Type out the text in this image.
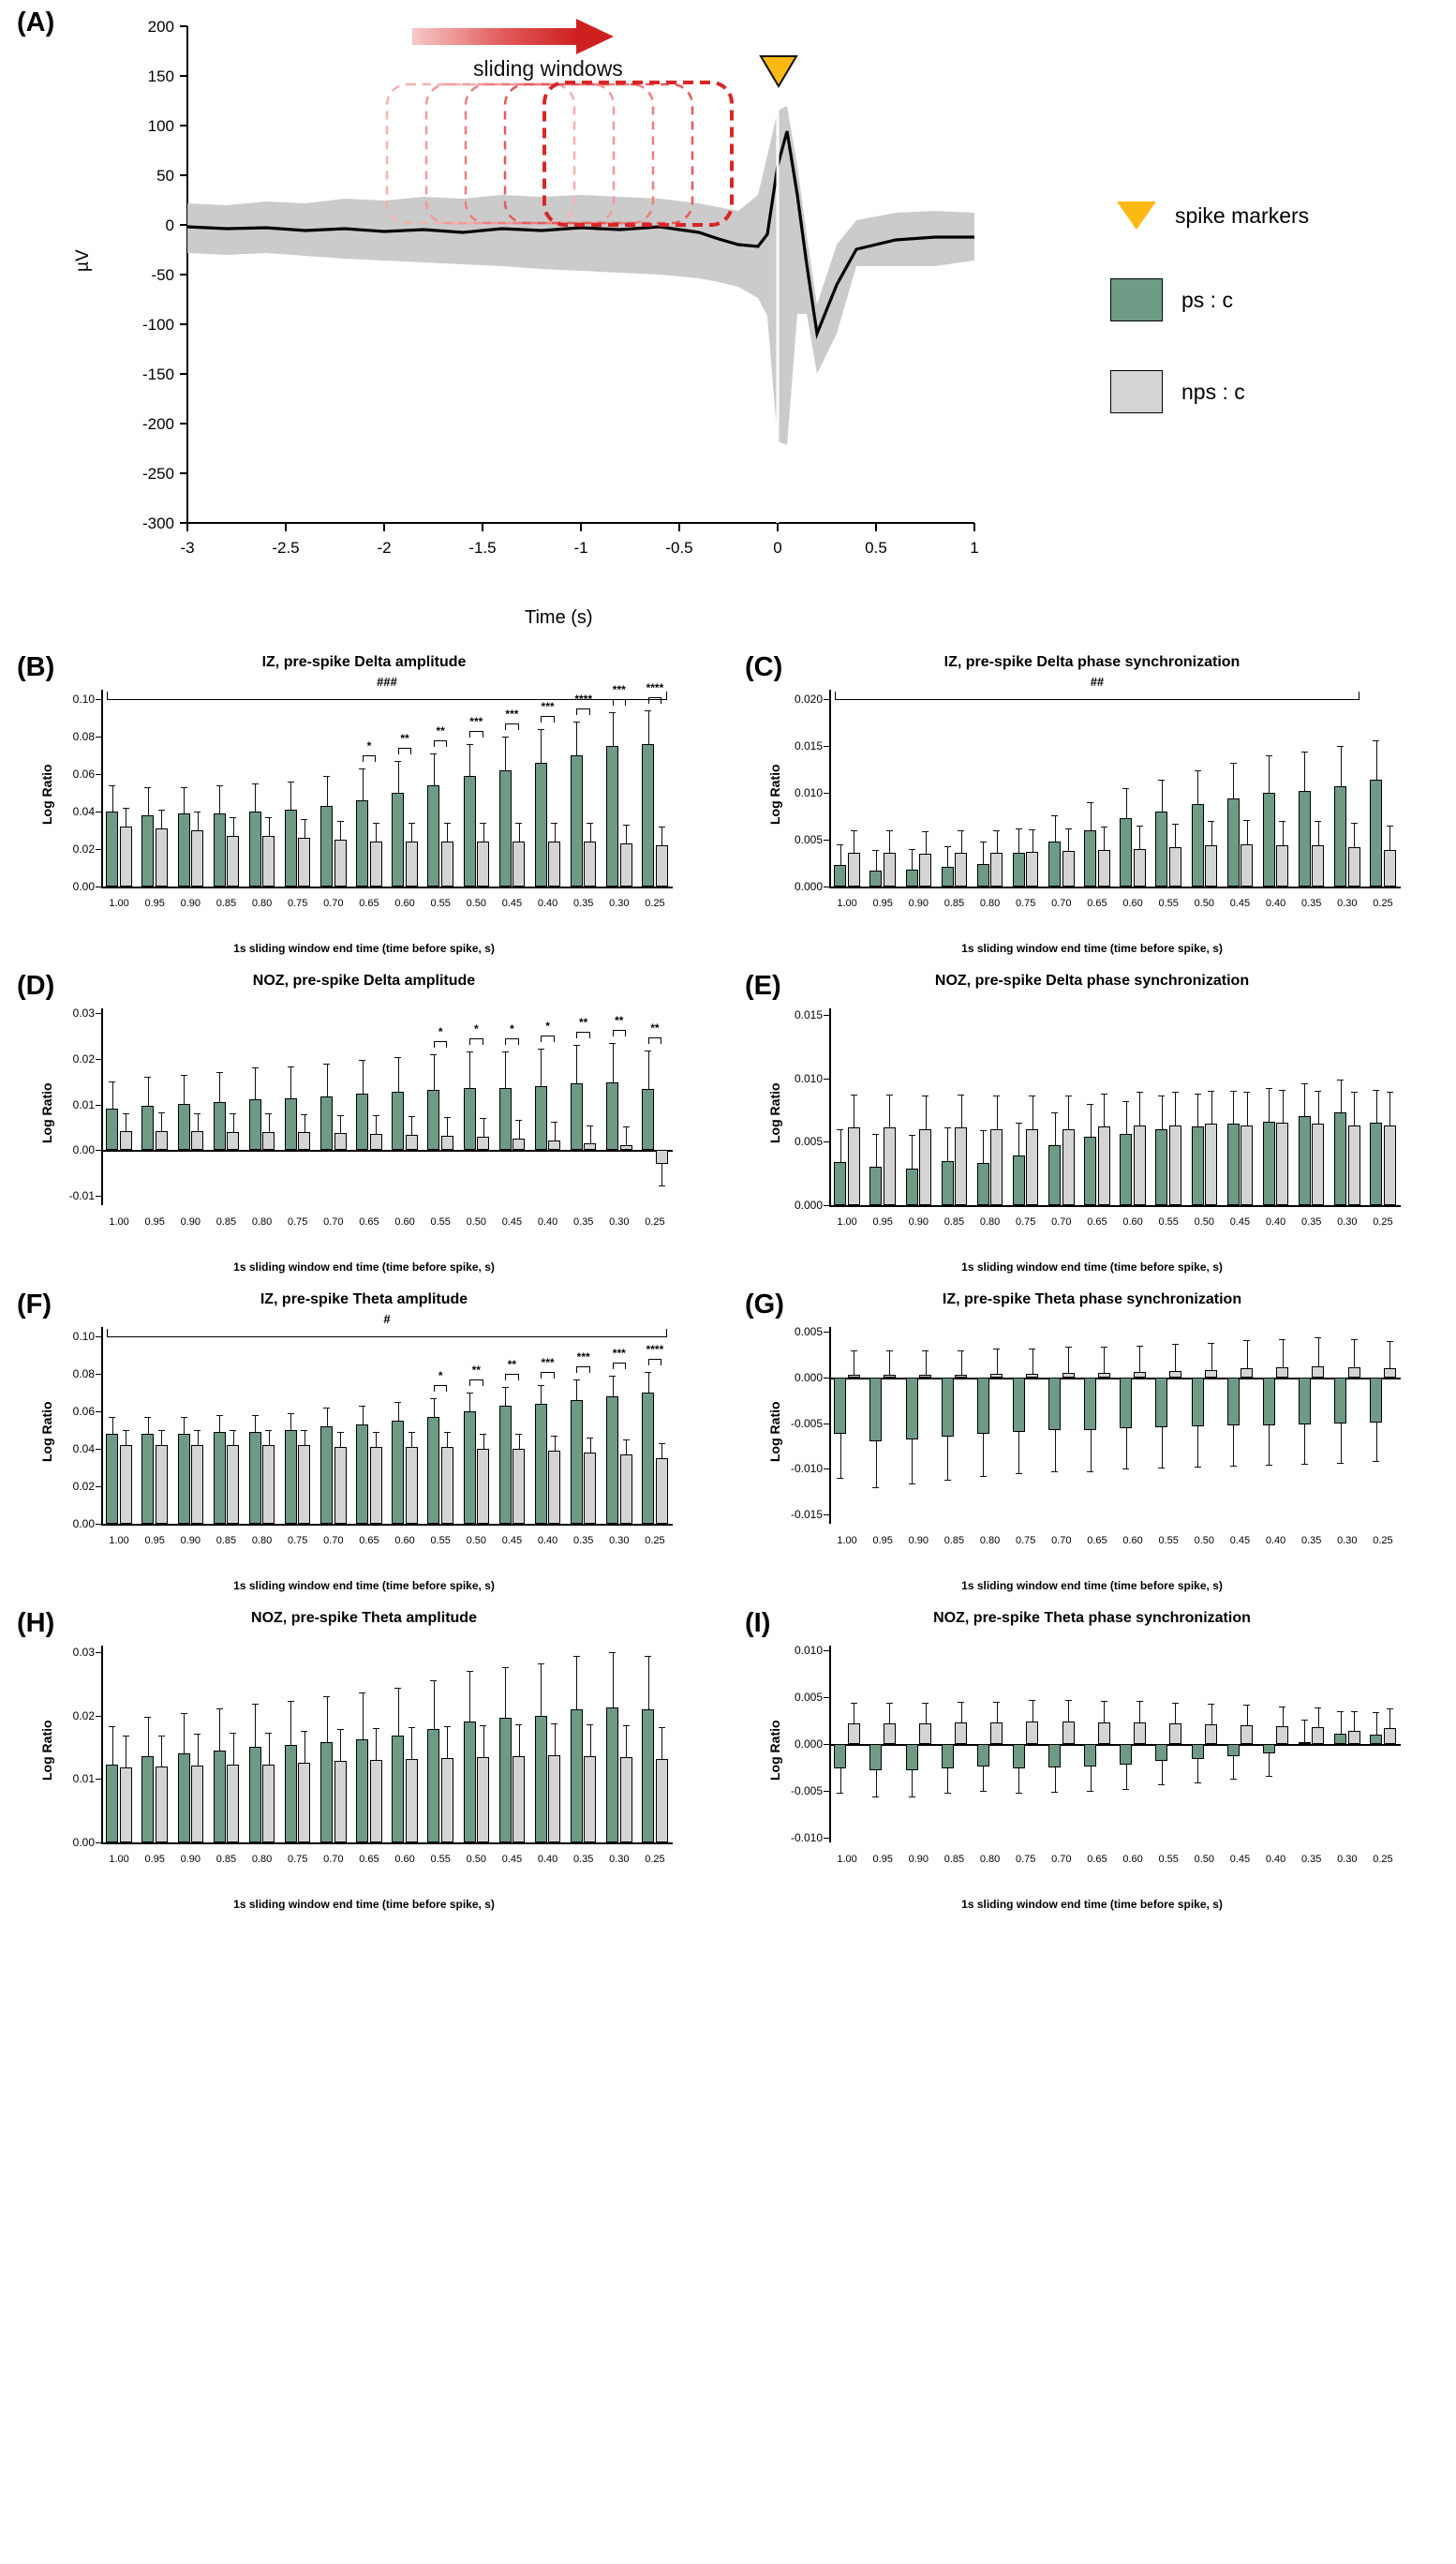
(A)
µV
Time (s)
sliding windows
200
150
100
50
0
-50
-100
-150
-200
-250
-300
-3	-2.5	-2	-1.5	-1	-0.5	0	0.5	1
spike markers
ps : c
nps : c
(B)	IZ, pre-spike Delta amplitude
Log Ratio
1s sliding window end time (time before spike, s)
0.00
0.02
0.04
0.06
0.08
0.10
1.00 0.95 0.90 0.85 0.80 0.75 0.70 0.65 0.60 0.55 0.50 0.45 0.40 0.35 0.30 0.25
*
**
**
***
***
***
****
*** ****
###	(C)	IZ, pre-spike Delta phase synchronization
Log Ratio
1s sliding window end time (time before spike, s)
0.000
0.005
0.010
0.015
0.020
1.00 0.95 0.90 0.85 0.80 0.75 0.70 0.65 0.60 0.55 0.50 0.45 0.40 0.35 0.30 0.25
##
(D)	NOZ, pre-spike Delta amplitude
Log Ratio
1s sliding window end time (time before spike, s)
-0.01
0.00
0.01
0.02
0.03
1.00 0.95 0.90 0.85 0.80 0.75 0.70 0.65 0.60 0.55 0.50 0.45 0.40 0.35 0.30 0.25
*	*	*	*	** **
**
(E)	NOZ, pre-spike Delta phase synchronization
Log Ratio
1s sliding window end time (time before spike, s)
0.000
0.005
0.010
0.015
1.00 0.95 0.90 0.85 0.80 0.75 0.70 0.65 0.60 0.55 0.50 0.45 0.40 0.35 0.30 0.25
(F)	IZ, pre-spike Theta amplitude
Log Ratio
1s sliding window end time (time before spike, s)
0.00
0.02
0.04
0.06
0.08
0.10
1.00 0.95 0.90 0.85 0.80 0.75 0.70 0.65 0.60 0.55 0.50 0.45 0.40 0.35 0.30 0.25
*	** ** *** *** *** ****
#	(G)	IZ, pre-spike Theta phase synchronization
Log Ratio
1s sliding window end time (time before spike, s)
-0.015
-0.010
-0.005
0.000
0.005
1.00 0.95 0.90 0.85 0.80 0.75 0.70 0.65 0.60 0.55 0.50 0.45 0.40 0.35 0.30 0.25
(H)	NOZ, pre-spike Theta amplitude
Log Ratio
1s sliding window end time (time before spike, s)
0.00
0.01
0.02
0.03
1.00 0.95 0.90 0.85 0.80 0.75 0.70 0.65 0.60 0.55 0.50 0.45 0.40 0.35 0.30 0.25
(I)	NOZ, pre-spike Theta phase synchronization
Log Ratio
1s sliding window end time (time before spike, s)
-0.010
-0.005
0.000
0.005
0.010
1.00 0.95 0.90 0.85 0.80 0.75 0.70 0.65 0.60 0.55 0.50 0.45 0.40 0.35 0.30 0.25
